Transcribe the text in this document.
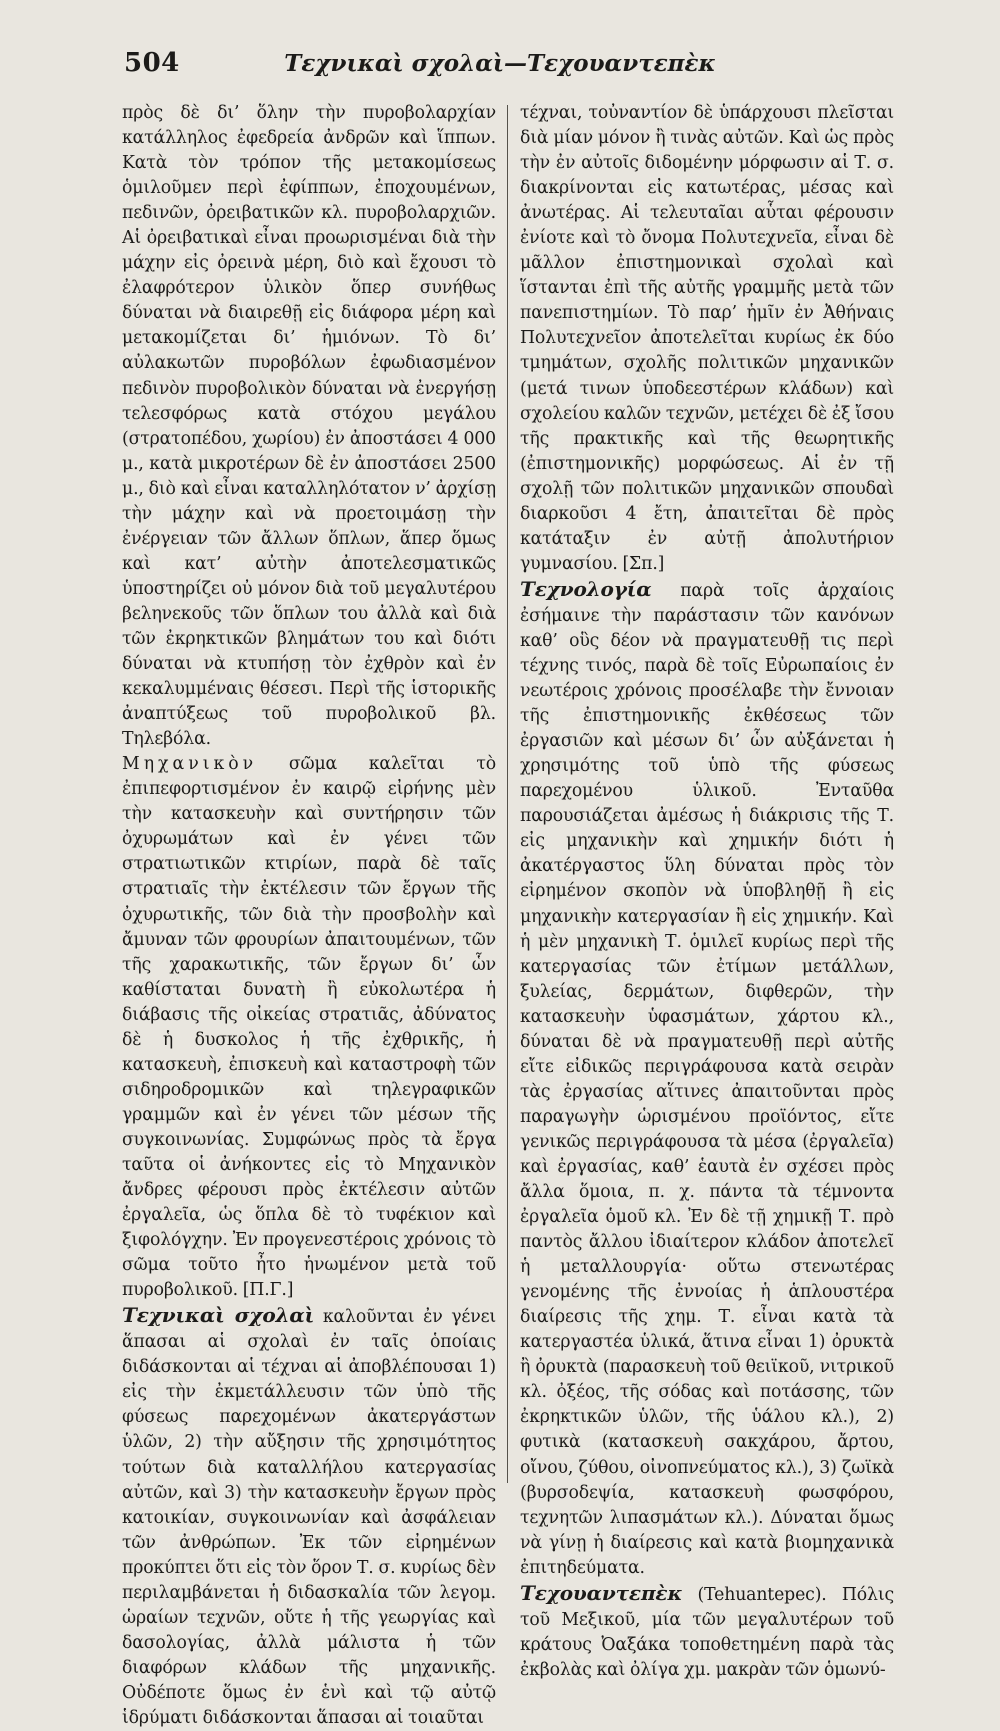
504	Τεχνικαὶ σχολαὶ—Τεχουαντεπὲκ

πρὸς δὲ δι’ ὅλην τὴν πυροβολαρχίαν κατάλληλος ἐφεδρεία ἀνδρῶν καὶ ἵππων. Κατὰ τὸν τρόπον τῆς μετακομίσεως ὁμιλοῦμεν περὶ ἐφίππων, ἐποχουμένων, πεδινῶν, ὀρειβατικῶν κλ. πυροβολαρχιῶν. Αἱ ὀρειβατικαὶ εἶναι προωρισμέναι διὰ τὴν μάχην εἰς ὀρεινὰ μέρη, διὸ καὶ ἔχουσι τὸ ἐλαφρότερον ὑλικὸν ὅπερ συνήθως δύναται νὰ διαιρεθῇ εἰς διάφορα μέρη καὶ μετακομίζεται δι’ ἡμιόνων. Τὸ δι’ αὐλακωτῶν πυροβόλων ἐφωδιασμένον πεδινὸν πυροβολικὸν δύναται νὰ ἐνεργήσῃ τελεσφόρως κατὰ στόχου μεγάλου (στρατοπέδου, χωρίου) ἐν ἀποστάσει 4 000 μ., κατὰ μικροτέρων δὲ ἐν ἀποστάσει 2500 μ., διὸ καὶ εἶναι καταλληλότατον ν’ ἀρχίσῃ τὴν μάχην καὶ νὰ προετοιμάσῃ τὴν ἐνέργειαν τῶν ἄλλων ὅπλων, ἅπερ ὅμως καὶ κατ’ αὐτὴν ἀποτελεσματικῶς ὑποστηρίζει οὐ μόνον διὰ τοῦ μεγαλυτέρου βεληνεκοῦς τῶν ὅπλων του ἀλλὰ καὶ διὰ τῶν ἐκρηκτικῶν βλημάτων του καὶ διότι δύναται νὰ κτυπήσῃ τὸν ἐχθρὸν καὶ ἐν κεκαλυμμέναις θέσεσι. Περὶ τῆς ἱστορικῆς ἀναπτύξεως τοῦ πυροβολικοῦ βλ. Τηλεβόλα.

Μηχανικὸν σῶμα καλεῖται τὸ ἐπιπεφορτισμένον ἐν καιρῷ εἰρήνης μὲν τὴν κατασκευὴν καὶ συντήρησιν τῶν ὀχυρωμάτων καὶ ἐν γένει τῶν στρατιωτικῶν κτιρίων, παρὰ δὲ ταῖς στρατιαῖς τὴν ἐκτέλεσιν τῶν ἔργων τῆς ὀχυρωτικῆς, τῶν διὰ τὴν προσβολὴν καὶ ἄμυναν τῶν φρουρίων ἀπαιτουμένων, τῶν τῆς χαρακωτικῆς, τῶν ἔργων δι’ ὧν καθίσταται δυνατὴ ἢ εὐκολωτέρα ἡ διάβασις τῆς οἰκείας στρατιᾶς, ἀδύνατος δὲ ἡ δυσκολος ἡ τῆς ἐχθρικῆς, ἡ κατασκευὴ, ἐπισκευὴ καὶ καταστροφὴ τῶν σιδηροδρομικῶν καὶ τηλεγραφικῶν γραμμῶν καὶ ἐν γένει τῶν μέσων τῆς συγκοινωνίας. Συμφώνως πρὸς τὰ ἔργα ταῦτα οἱ ἀνήκοντες εἰς τὸ Μηχανικὸν ἄνδρες φέρουσι πρὸς ἐκτέλεσιν αὐτῶν ἐργαλεῖα, ὡς ὅπλα δὲ τὸ τυφέκιον καὶ ξιφολόγχην. Ἐν προγενεστέροις χρόνοις τὸ σῶμα τοῦτο ἦτο ἡνωμένον μετὰ τοῦ πυροβολικοῦ. [Π.Γ.]

Τεχνικαὶ σχολαὶ καλοῦνται ἐν γένει ἅπασαι αἱ σχολαὶ ἐν ταῖς ὁποίαις διδάσκονται αἱ τέχναι αἱ ἀποβλέπουσαι 1) εἰς τὴν ἐκμετάλλευσιν τῶν ὑπὸ τῆς φύσεως παρεχομένων ἀκατεργάστων ὑλῶν, 2) τὴν αὔξησιν τῆς χρησιμότητος τούτων διὰ καταλλήλου κατεργασίας αὐτῶν, καὶ 3) τὴν κατασκευὴν ἔργων πρὸς κατοικίαν, συγκοινωνίαν καὶ ἀσφάλειαν τῶν ἀνθρώπων. Ἐκ τῶν εἰρημένων προκύπτει ὅτι εἰς τὸν ὅρον Τ. σ. κυρίως δὲν περιλαμβάνεται ἡ διδασκαλία τῶν λεγομ. ὡραίων τεχνῶν, οὔτε ἡ τῆς γεωργίας καὶ δασολογίας, ἀλλὰ μάλιστα ἡ τῶν διαφόρων κλάδων τῆς μηχανικῆς. Οὐδέποτε ὅμως ἐν ἑνὶ καὶ τῷ αὐτῷ ἱδρύματι διδάσκονται ἅπασαι αἱ τοιαῦται

τέχναι, τοὐναντίον δὲ ὑπάρχουσι πλεῖσται διὰ μίαν μόνον ἢ τινὰς αὐτῶν. Καὶ ὡς πρὸς τὴν ἐν αὐτοῖς διδομένην μόρφωσιν αἱ Τ. σ. διακρίνονται εἰς κατωτέρας, μέσας καὶ ἀνωτέρας. Αἱ τελευταῖαι αὗται φέρουσιν ἐνίοτε καὶ τὸ ὄνομα Πολυτεχνεῖα, εἶναι δὲ μᾶλλον ἐπιστημονικαὶ σχολαὶ καὶ ἵστανται ἐπὶ τῆς αὐτῆς γραμμῆς μετὰ τῶν πανεπιστημίων. Τὸ παρ’ ἡμῖν ἐν Ἀθήναις Πολυτεχνεῖον ἀποτελεῖται κυρίως ἐκ δύο τμημάτων, σχολῆς πολιτικῶν μηχανικῶν (μετά τινων ὑποδεεστέρων κλάδων) καὶ σχολείου καλῶν τεχνῶν, μετέχει δὲ ἐξ ἴσου τῆς πρακτικῆς καὶ τῆς θεωρητικῆς (ἐπιστημονικῆς) μορφώσεως. Αἱ ἐν τῇ σχολῇ τῶν πολιτικῶν μηχανικῶν σπουδαὶ διαρκοῦσι 4 ἔτη, ἀπαιτεῖται δὲ πρὸς κατάταξιν ἐν αὐτῇ ἀπολυτήριον γυμνασίου. [Σπ.]

Τεχνολογία παρὰ τοῖς ἀρχαίοις ἐσήμαινε τὴν παράστασιν τῶν κανόνων καθ’ οὓς δέον νὰ πραγματευθῇ τις περὶ τέχνης τινός, παρὰ δὲ τοῖς Εὐρωπαίοις ἐν νεωτέροις χρόνοις προσέλαβε τὴν ἔννοιαν τῆς ἐπιστημονικῆς ἐκθέσεως τῶν ἐργασιῶν καὶ μέσων δι’ ὧν αὐξάνεται ἡ χρησιμότης τοῦ ὑπὸ τῆς φύσεως παρεχομένου ὑλικοῦ. Ἐνταῦθα παρουσιάζεται ἀμέσως ἡ διάκρισις τῆς Τ. εἰς μηχανικὴν καὶ χημικήν διότι ἡ ἀκατέργαστος ὕλη δύναται πρὸς τὸν εἰρημένον σκοπὸν νὰ ὑποβληθῇ ἢ εἰς μηχανικὴν κατεργασίαν ἢ εἰς χημικήν. Καὶ ἡ μὲν μηχανικὴ Τ. ὁμιλεῖ κυρίως περὶ τῆς κατεργασίας τῶν ἐτίμων μετάλλων, ξυλείας, δερμάτων, διφθερῶν, τὴν κατασκευὴν ὑφασμάτων, χάρτου κλ., δύναται δὲ νὰ πραγματευθῇ περὶ αὐτῆς εἴτε εἰδικῶς περιγράφουσα κατὰ σειρὰν τὰς ἐργασίας αἵτινες ἀπαιτοῦνται πρὸς παραγωγὴν ὡρισμένου προϊόντος, εἴτε γενικῶς περιγράφουσα τὰ μέσα (ἐργαλεῖα) καὶ ἐργασίας, καθ’ ἑαυτὰ ἐν σχέσει πρὸς ἄλλα ὅμοια, π. χ. πάντα τὰ τέμνοντα ἐργαλεῖα ὁμοῦ κλ. Ἐν δὲ τῇ χημικῇ Τ. πρὸ παντὸς ἄλλου ἰδιαίτερον κλάδον ἀποτελεῖ ἡ μεταλλουργία· οὕτω στενωτέρας γενομένης τῆς ἐννοίας ἡ ἁπλουστέρα διαίρεσις τῆς χημ. Τ. εἶναι κατὰ τὰ κατεργαστέα ὑλικά, ἅτινα εἶναι 1) ὀρυκτὰ ἢ ὀρυκτὰ (παρασκευὴ τοῦ θειϊκοῦ, νιτρικοῦ κλ. ὀξέος, τῆς σόδας καὶ ποτάσσης, τῶν ἐκρηκτικῶν ὑλῶν, τῆς ὑάλου κλ.), 2) φυτικὰ (κατασκευὴ σακχάρου, ἄρτου, οἴνου, ζύθου, οἰνοπνεύματος κλ.), 3) ζωϊκὰ (βυρσοδεψία, κατασκευὴ φωσφόρου, τεχνητῶν λιπασμάτων κλ.). Δύναται ὅμως νὰ γίνῃ ἡ διαίρεσις καὶ κατὰ βιομηχανικὰ ἐπιτηδεύματα.

Τεχουαντεπὲκ (Tehuantepec). Πόλις τοῦ Μεξικοῦ, μία τῶν μεγαλυτέρων τοῦ κράτους Ὀαξάκα τοποθετημένη παρὰ τὰς ἐκβολὰς καὶ ὀλίγα χμ. μακρὰν τῶν ὁμωνύ-
